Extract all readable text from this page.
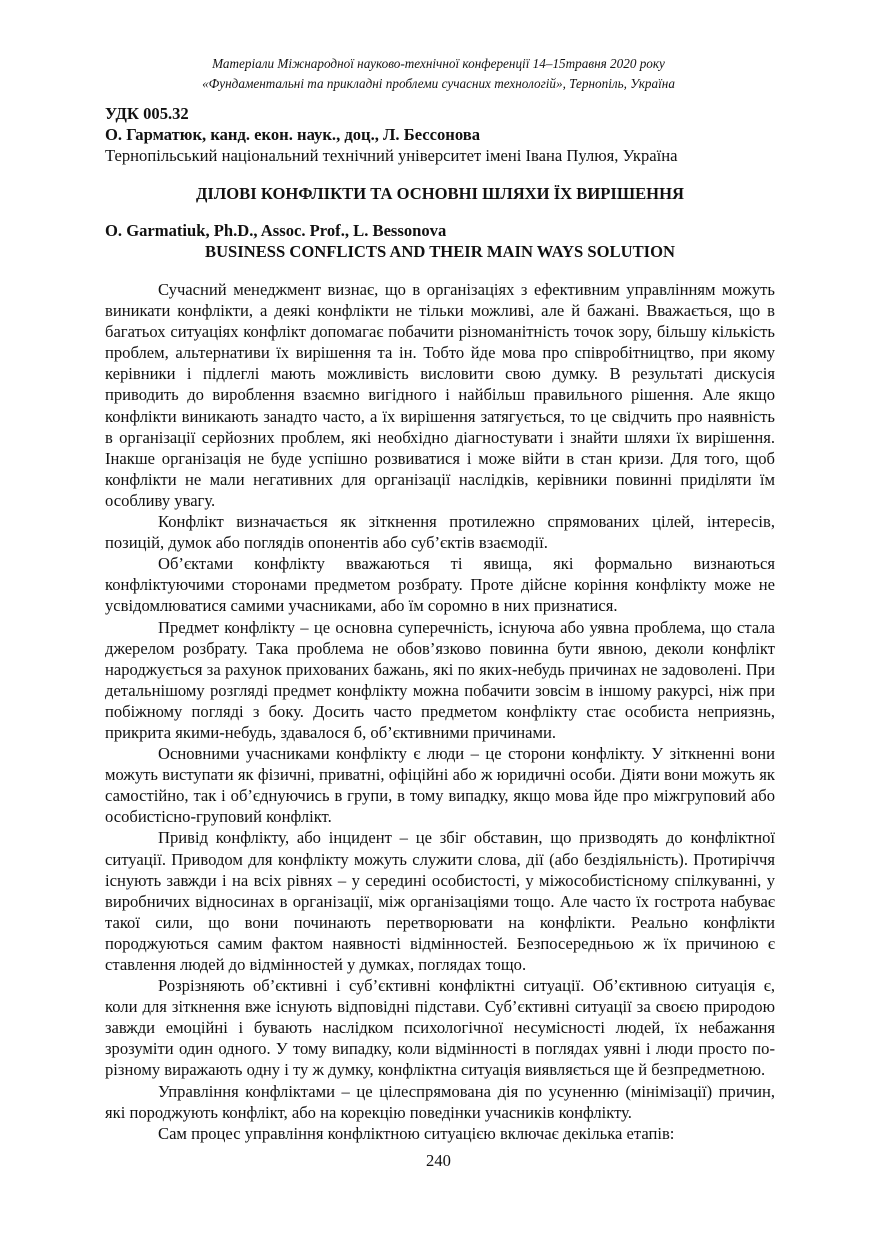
Матеріали Міжнародної науково-технічної конференції 14–15травня 2020 року
«Фундаментальні та прикладні проблеми сучасних технологій», Тернопіль, Україна
УДК 005.32
О. Гарматюк, канд. екон. наук., доц., Л. Бессонова
Тернопільський національний технічний університет імені Івана Пулюя, Україна
ДІЛОВІ КОНФЛІКТИ ТА ОСНОВНІ ШЛЯХИ ЇХ ВИРІШЕННЯ
O. Garmatiuk, Ph.D., Assoc. Prof., L. Bessonova
BUSINESS CONFLICTS AND THEIR MAIN WAYS SOLUTION

Сучасний менеджмент визнає, що в організаціях з ефективним управлінням можуть виникати конфлікти, а деякі конфлікти не тільки можливі, але й бажані. Вважається, що в багатьох ситуаціях конфлікт допомагає побачити різноманітність точок зору, більшу кількість проблем, альтернативи їх вирішення та ін. Тобто йде мова про співробітництво, при якому керівники і підлеглі мають можливість висловити свою думку. В результаті дискусія приводить до вироблення взаємно вигідного і найбільш правильного рішення. Але якщо конфлікти виникають занадто часто, а їх вирішення затягується, то це свідчить про наявність в організації серйозних проблем, які необхідно діагностувати і знайти шляхи їх вирішення. Інакше організація не буде успішно розвиватися і може війти в стан кризи. Для того, щоб конфлікти не мали негативних для організації наслідків, керівники повинні приділяти їм особливу увагу.

Конфлікт визначається як зіткнення протилежно спрямованих цілей, інтересів, позицій, думок або поглядів опонентів або суб’єктів взаємодії.

Об’єктами конфлікту вважаються ті явища, які формально визнаються конфліктуючими сторонами предметом розбрату. Проте дійсне коріння конфлікту може не усвідомлюватися самими учасниками, або їм соромно в них признатися.

Предмет конфлікту – це основна суперечність, існуюча або уявна проблема, що стала джерелом розбрату. Така проблема не обов’язково повинна бути явною, деколи конфлікт народжується за рахунок прихованих бажань, які по яких-небудь причинах не задоволені. При детальнішому розгляді предмет конфлікту можна побачити зовсім в іншому ракурсі, ніж при побіжному погляді з боку. Досить часто предметом конфлікту стає особиста неприязнь, прикрита якими-небудь, здавалося б, об’єктивними причинами.

Основними учасниками конфлікту є люди – це сторони конфлікту. У зіткненні вони можуть виступати як фізичні, приватні, офіційні або ж юридичні особи. Діяти вони можуть як самостійно, так і об’єднуючись в групи, в тому випадку, якщо мова йде про міжгруповий або особистісно-груповий конфлікт.

Привід конфлікту, або інцидент – це збіг обставин, що призводять до конфліктної ситуації. Приводом для конфлікту можуть служити слова, дії (або бездіяльність). Протиріччя існують завжди і на всіх рівнях – у середині особистості, у міжособистісному спілкуванні, у виробничих відносинах в організації, між організаціями тощо. Але часто їх гострота набуває такої сили, що вони починають перетворювати на конфлікти. Реально конфлікти породжуються самим фактом наявності відмінностей. Безпосередньою ж їх причиною є ставлення людей до відмінностей у думках, поглядах тощо.

Розрізняють об’єктивні і суб’єктивні конфліктні ситуації. Об’єктивною ситуація є, коли для зіткнення вже існують відповідні підстави. Суб’єктивні ситуації за своєю природою завжди емоційні і бувають наслідком психологічної несумісності людей, їх небажання зрозуміти один одного. У тому випадку, коли відмінності в поглядах уявні і люди просто по-різному виражають одну і ту ж думку, конфліктна ситуація виявляється ще й безпредметною.

Управління конфліктами – це цілеспрямована дія по усуненню (мінімізації) причин, які породжують конфлікт, або на корекцію поведінки учасників конфлікту.

Сам процес управління конфліктною ситуацією включає декілька етапів:

240
